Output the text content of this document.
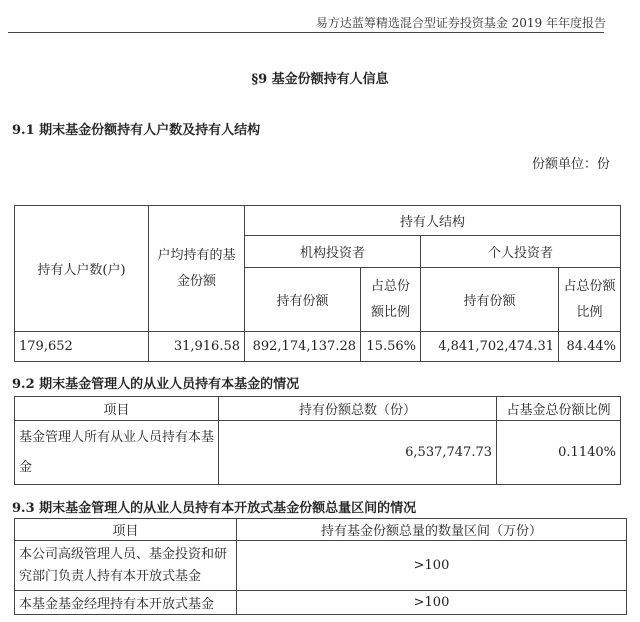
易方达蓝筹精选混合型证券投资基金 2019 年年度报告
§9 基金份额持有人信息
9.1 期末基金份额持有人户数及持有人结构
份额单位：份
持有人户数(户)	户均持有的基金份额	持有人结构			
		机构投资者		个人投资者	
		持有份额	占总份额比例	持有份额	占总份额比例
179,652	31,916.58	892,174,137.28	15.56%	4,841,702,474.31	84.44%
9.2 期末基金管理人的从业人员持有本基金的情况
项目	持有份额总数（份）	占基金总份额比例
基金管理人所有从业人员持有本基金	6,537,747.73	0.1140%
9.3 期末基金管理人的从业人员持有本开放式基金份额总量区间的情况
项目	持有基金份额总量的数量区间（万份）
本公司高级管理人员、基金投资和研究部门负责人持有本开放式基金	>100
本基金基金经理持有本开放式基金	>100
